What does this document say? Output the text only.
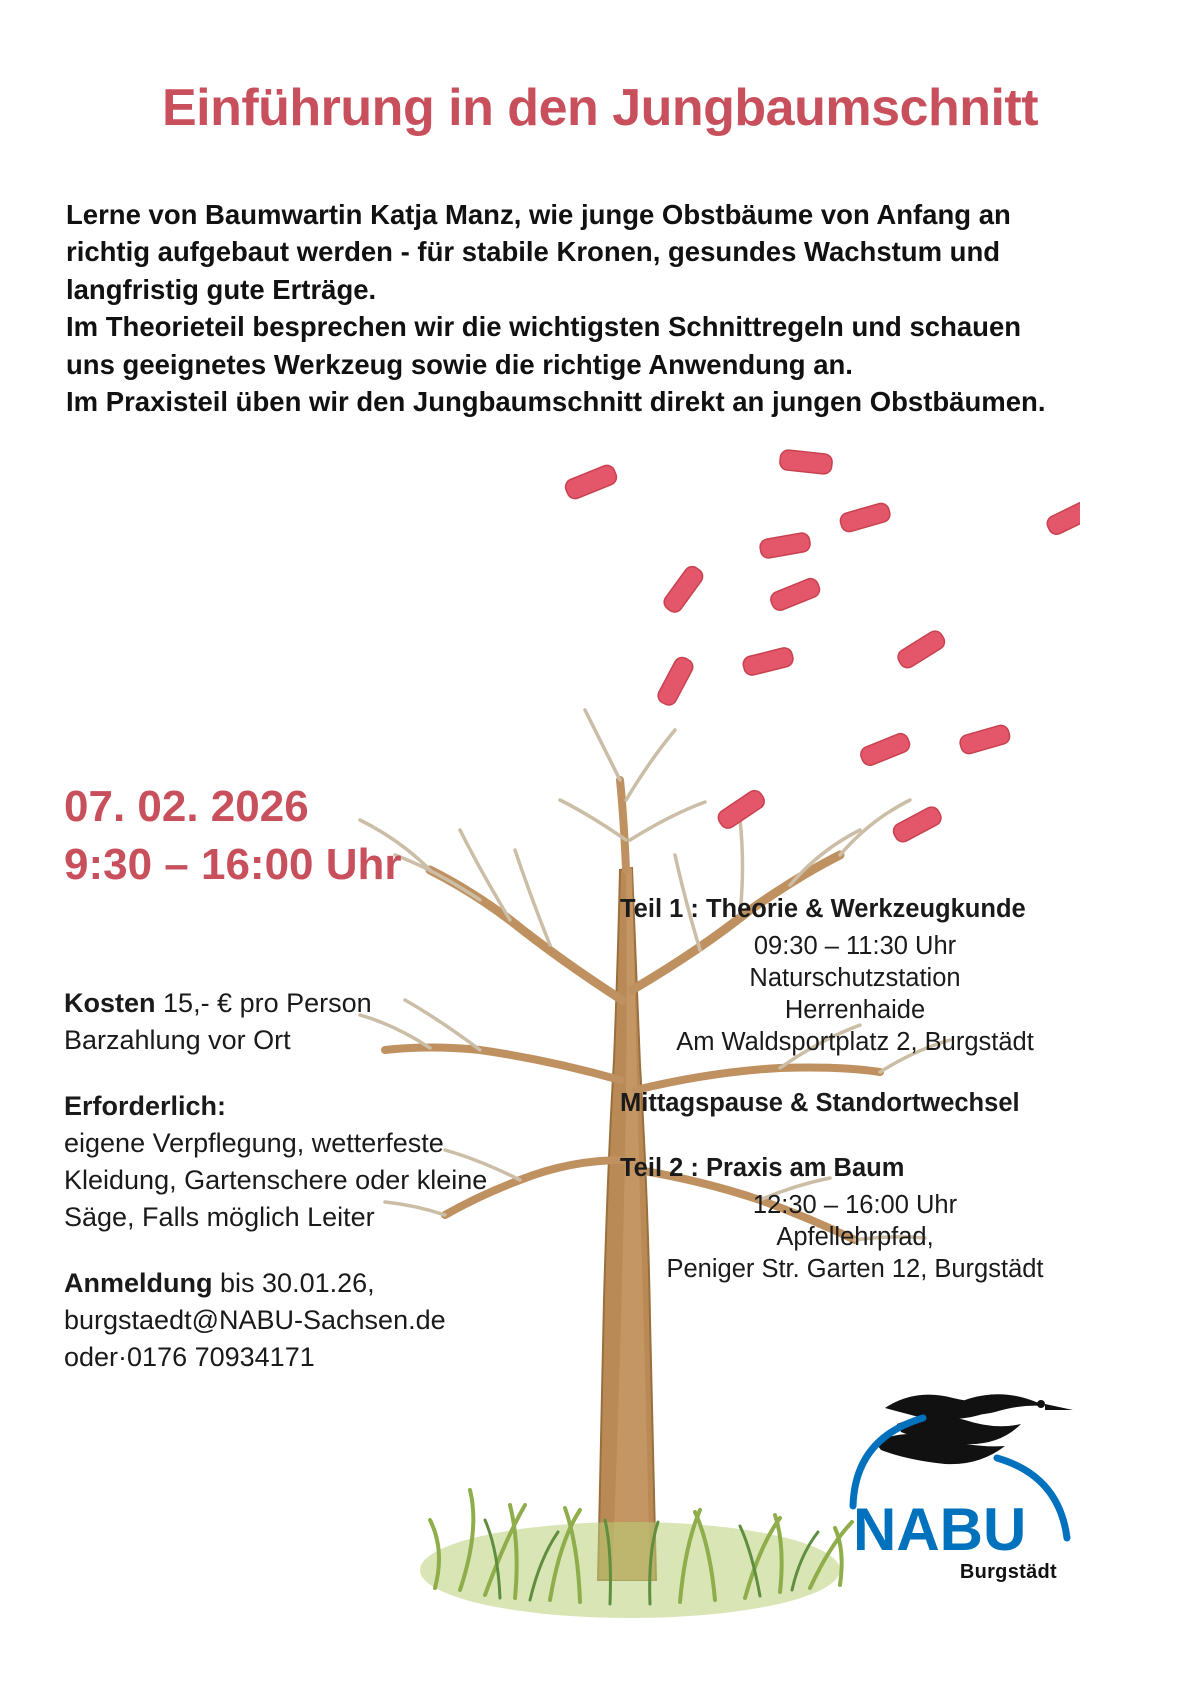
Einführung in den Jungbaumschnitt

Lerne von Baumwartin Katja Manz, wie junge Obstbäume von Anfang an richtig aufgebaut werden - für stabile Kronen, gesundes Wachstum und langfristig gute Erträge.

Im Theorieteil besprechen wir die wichtigsten Schnittregeln und schauen uns geeignetes Werkzeug sowie die richtige Anwendung an.

Im Praxisteil üben wir den Jungbaumschnitt direkt an jungen Obstbäumen.

07. 02. 2026
9:30 – 16:00 Uhr
Kosten 15,- € pro Person
Barzahlung vor Ort
Erforderlich:
eigene Verpflegung, wetterfeste Kleidung, Gartenschere oder kleine Säge, Falls möglich Leiter
Anmeldung bis 30.01.26,
burgstaedt@NABU-Sachsen.de
oder·0176 70934171
Teil 1 : Theorie & Werkzeugkunde
09:30 – 11:30 Uhr
Naturschutzstation
Herrenhaide
Am Waldsportplatz 2, Burgstädt
Mittagspause & Standortwechsel
Teil 2 : Praxis am Baum
12:30 – 16:00 Uhr
Apfellehrpfad,
Peniger Str. Garten 12, Burgstädt
NABU
Burgstädt
